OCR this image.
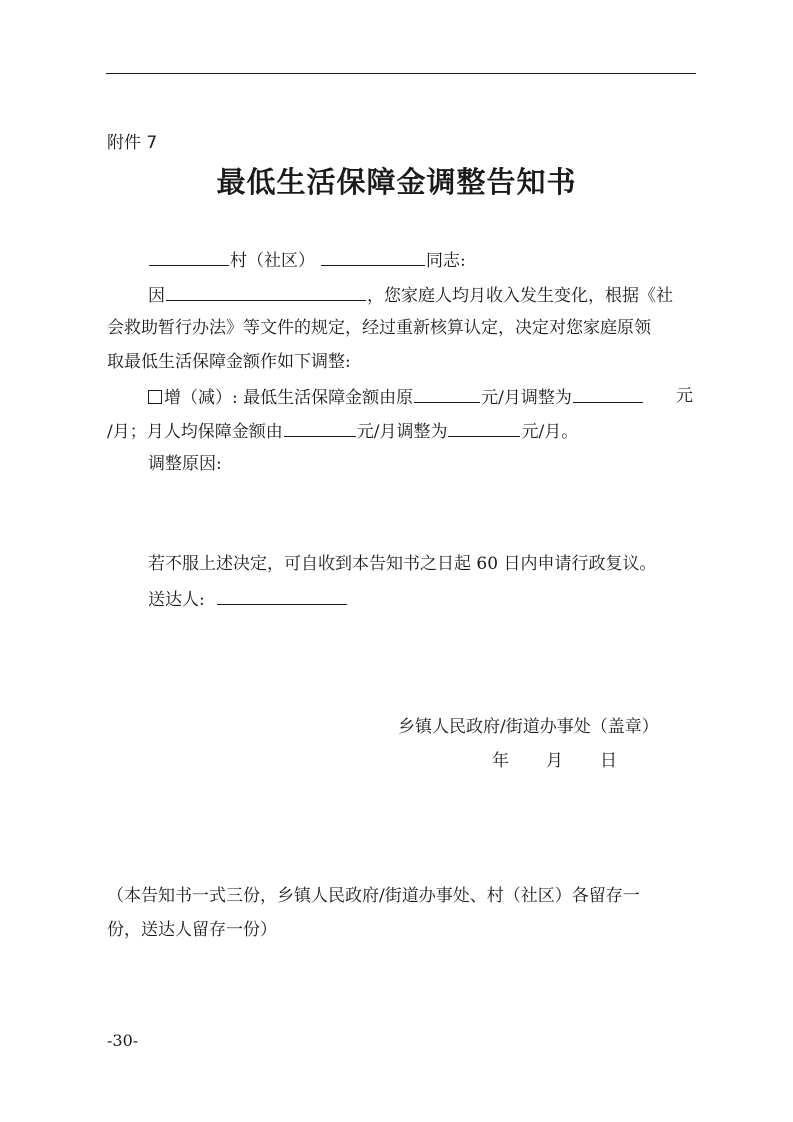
附件 7
最低生活保障金调整告知书
村（社区）	同志:
因	，您家庭人均月收入发生变化，根据《社
会救助暂行办法》等文件的规定，经过重新核算认定，决定对您家庭原领
取最低生活保障金额作如下调整:
增（减）: 最低生活保障金额由原	元/月调整为	元
/月；月人均保障金额由	元/月调整为	元/月。
调整原因:
若不服上述决定，可自收到本告知书之日起 60 日内申请行政复议。
送达人:
乡镇人民政府/街道办事处（盖章）
年　　月　　日
（本告知书一式三份，乡镇人民政府/街道办事处、村（社区）各留存一
份，送达人留存一份）
-30-
